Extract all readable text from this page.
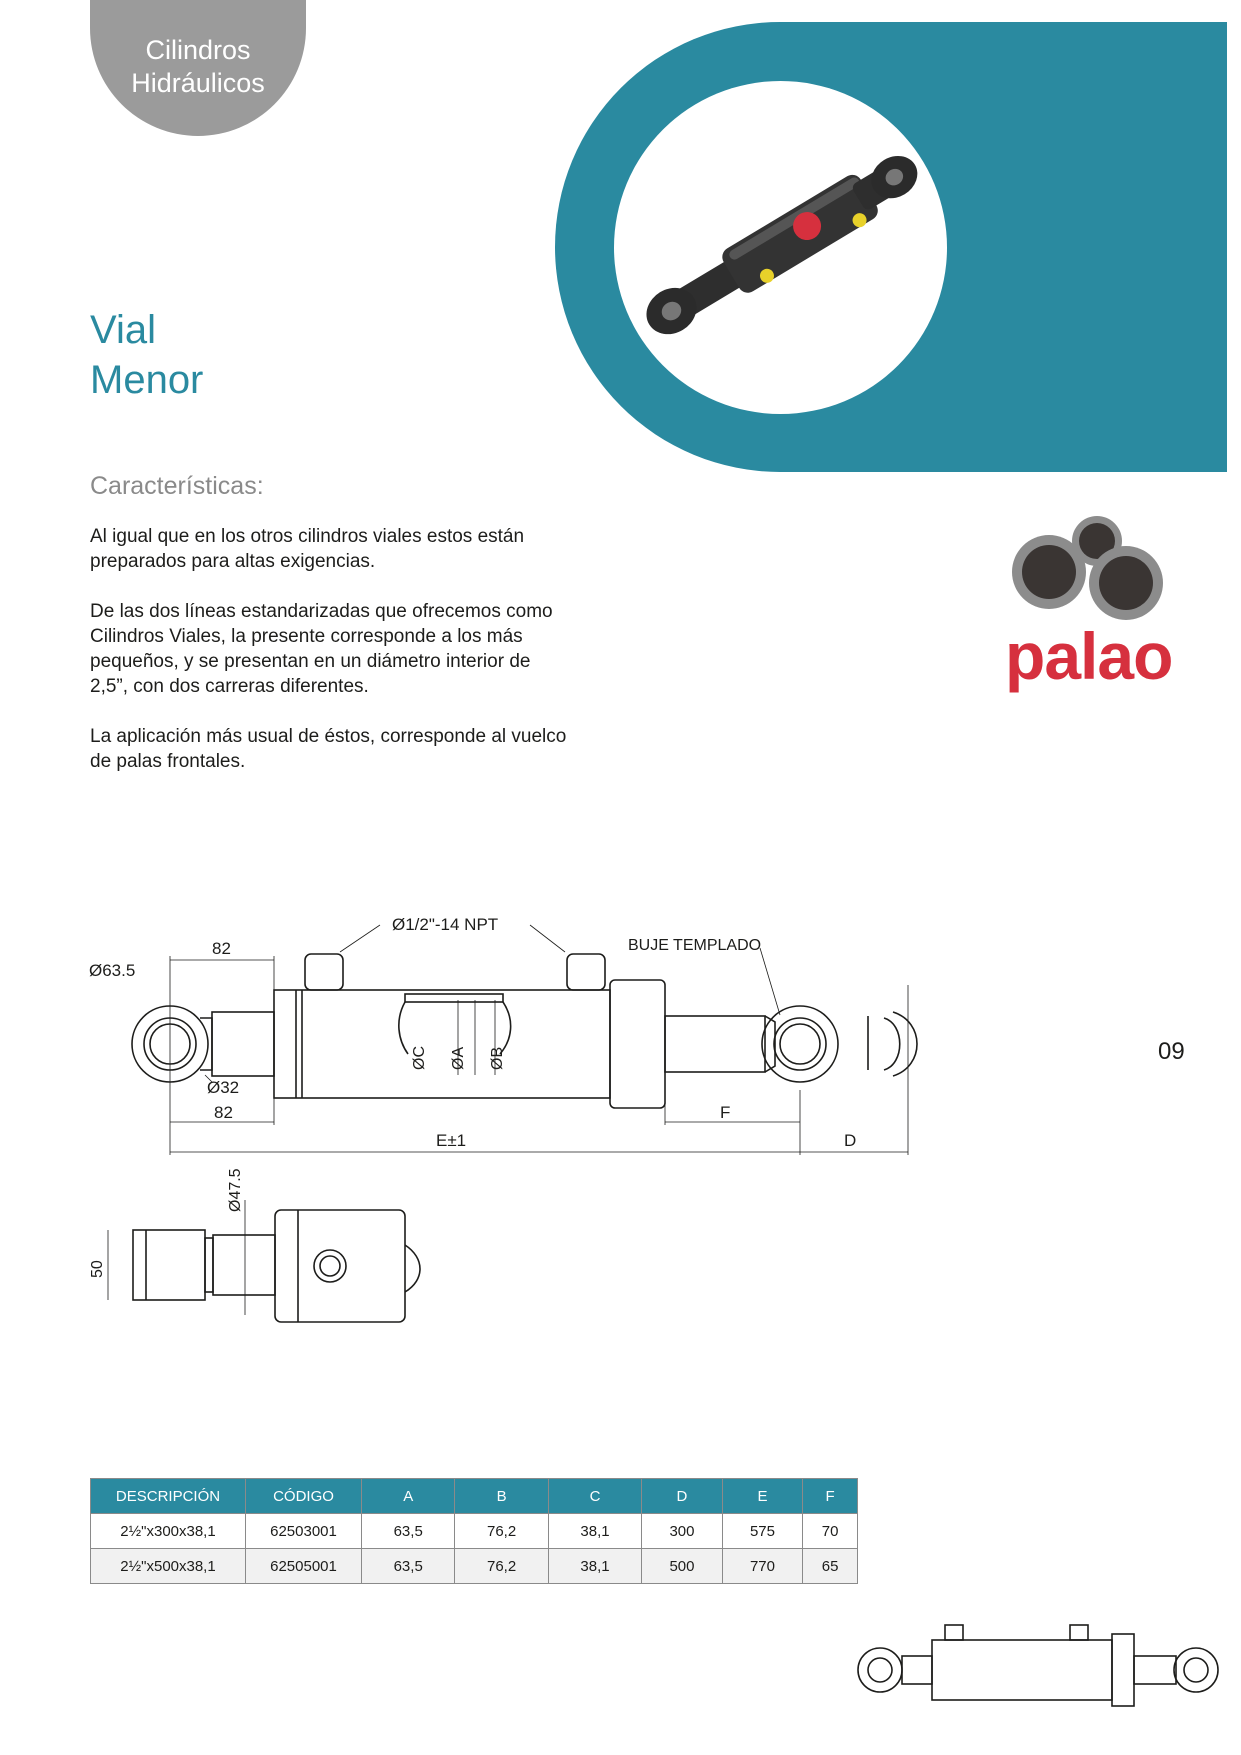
Cilindros
Hidráulicos
palao
Vial
Menor
Características:
Al igual que en los otros cilindros viales estos están
preparados para altas exigencias.
De las dos líneas estandarizadas que ofrecemos como
Cilindros Viales, la presente corresponde a los más
pequeños, y se presentan en un diámetro interior de
2,5”, con dos carreras diferentes.
La aplicación más usual de éstos, corresponde al vuelco
de palas frontales.
palao
09
Ø1/2"-14 NPT
BUJE TEMPLADO
Ø63.5
82
Ø32
82	F
E±1	D
ØC ØA ØB
Ø47.5
50
DESCRIPCIÓN	CÓDIGO	A	B	C	D	E	F
2½"x300x38,1	62503001	63,5	76,2	38,1	300	575	70
2½"x500x38,1	62505001	63,5	76,2	38,1	500	770	65
